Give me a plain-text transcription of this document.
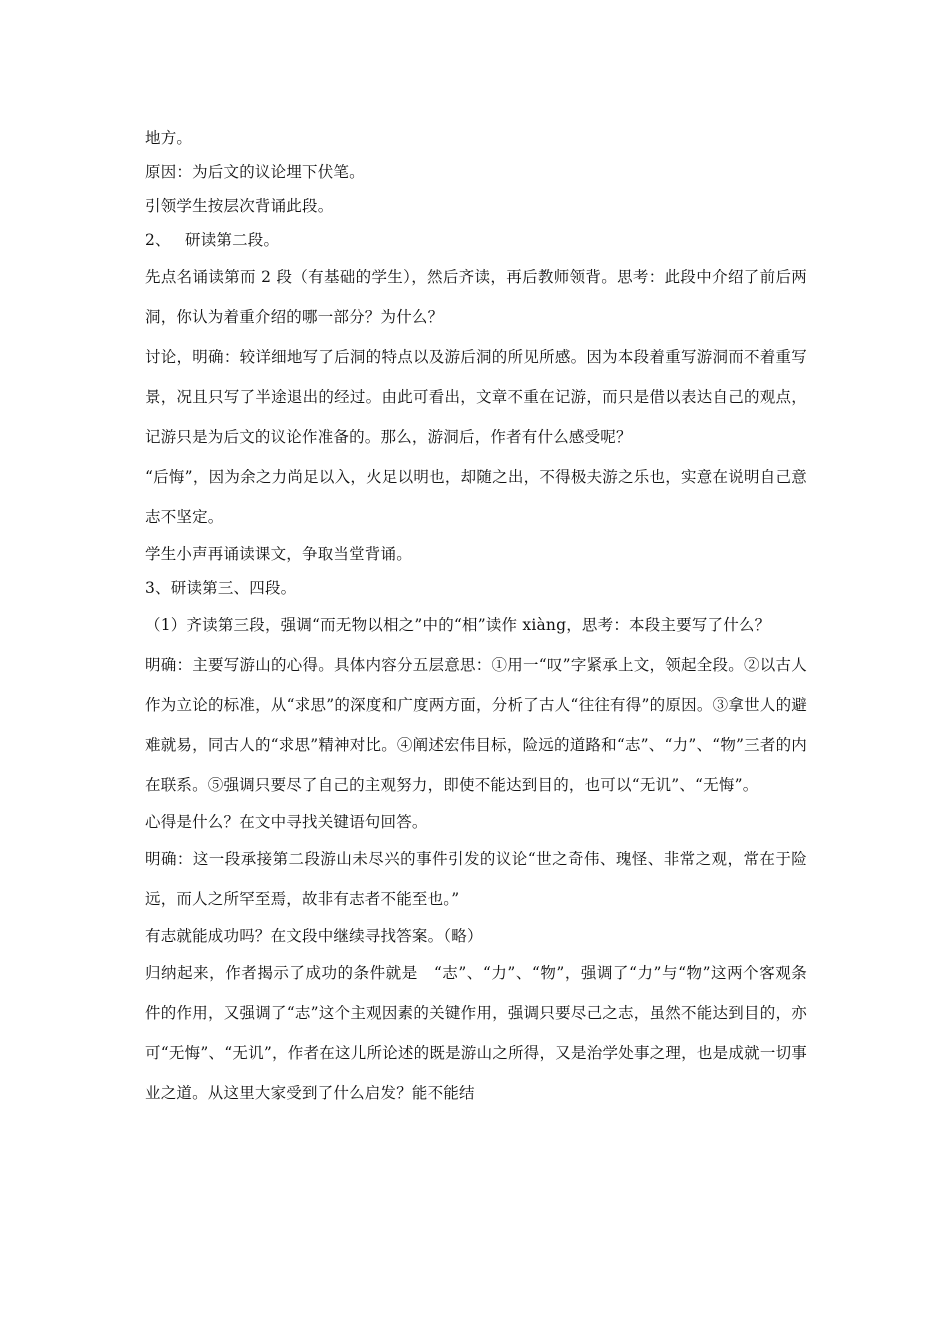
地方。

原因：为后文的议论埋下伏笔。

引领学生按层次背诵此段。

2、 研读第二段。

先点名诵读第而 2 段（有基础的学生），然后齐读，再后教师领背。思考：此段中介绍了前后两洞，你认为着重介绍的哪一部分？为什么？

讨论，明确：较详细地写了后洞的特点以及游后洞的所见所感。因为本段着重写游洞而不着重写景，况且只写了半途退出的经过。由此可看出，文章不重在记游，而只是借以表达自己的观点，记游只是为后文的议论作准备的。那么，游洞后，作者有什么感受呢？

“后悔”，因为余之力尚足以入，火足以明也，却随之出，不得极夫游之乐也，实意在说明自己意志不坚定。

学生小声再诵读课文，争取当堂背诵。

3、研读第三、四段。

（1）齐读第三段，强调“而无物以相之”中的“相”读作 xiàng，思考：本段主要写了什么？

明确：主要写游山的心得。具体内容分五层意思：①用一“叹”字紧承上文，领起全段。②以古人作为立论的标准，从“求思”的深度和广度两方面，分析了古人“往往有得”的原因。③拿世人的避难就易，同古人的“求思”精神对比。④阐述宏伟目标，险远的道路和“志”、“力”、“物”三者的内在联系。⑤强调只要尽了自己的主观努力，即使不能达到目的，也可以“无讥”、“无悔”。

心得是什么？在文中寻找关键语句回答。

明确：这一段承接第二段游山未尽兴的事件引发的议论“世之奇伟、瑰怪、非常之观，常在于险远，而人之所罕至焉，故非有志者不能至也。”

有志就能成功吗？在文段中继续寻找答案。（略）

归纳起来，作者揭示了成功的条件就是　“志”、“力”、“物”，强调了“力”与“物”这两个客观条件的作用，又强调了“志”这个主观因素的关键作用，强调只要尽己之志，虽然不能达到目的，亦可“无悔”、“无讥”，作者在这儿所论述的既是游山之所得，又是治学处事之理，也是成就一切事业之道。从这里大家受到了什么启发？能不能结
